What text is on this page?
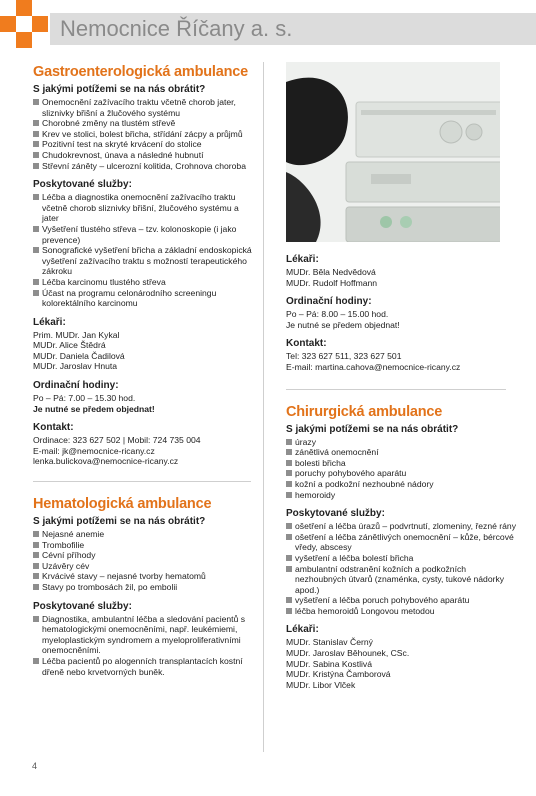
Nemocnice Říčany a. s.
Gastroenterologická ambulance
S jakými potížemi se na nás obrátit?
Onemocnění zažívacího traktu včetně chorob jater, sliznivky břišní a žlučového systému
Chorobné změny na tlustém střevě
Krev ve stolici, bolest břicha, střídání zácpy a průjmů
Pozitivní test na skryté krvácení do stolice
Chudokrevnost, únava a následné hubnutí
Střevní záněty – ulcerozní kolitida, Crohnova choroba
Poskytované služby:
Léčba a diagnostika onemocnění zažívacího traktu včetně chorob sliznivky břišní, žlučového systému a jater
Vyšetření tlustého střeva – tzv. kolonoskopie (i jako prevence)
Sonografické vyšetření břicha a základní endoskopická vyšetření zažívacího traktu s možností terapeutického zákroku
Léčba karcinomu tlustého střeva
Účast na programu celonárodního screeningu kolorektálního karcinomu
Lékaři:
Prim. MUDr. Jan Kykal
MUDr. Alice Štědrá
MUDr. Daniela Čadilová
MUDr. Jaroslav Hnuta
Ordinační hodiny:
Po – Pá: 7.00 – 15.30 hod.
Je nutné se předem objednat!
Kontakt:
Ordinace: 323 627 502 | Mobil: 724 735 004
E-mail: jk@nemocnice-ricany.cz
lenka.bulickova@nemocnice-ricany.cz
Hematologická ambulance
S jakými potížemi se na nás obrátit?
Nejasné anemie
Trombofilie
Cévní příhody
Uzávěry cév
Krvácivé stavy – nejasné tvorby hematomů
Stavy po trombosách žil, po embolii
Poskytované služby:
Diagnostika, ambulantní léčba a sledování pacientů s hematologickými onemocněními, např. leukémiemi, myeloplastickým syndromem a myeloproliferativními onemocněními.
Léčba pacientů po alogenních transplantacích kostní dřeně nebo krvetvorných buněk.
Lékaři:
MUDr. Běla Nedvědová
MUDr. Rudolf Hoffmann
Ordinační hodiny:
Po – Pá: 8.00 – 15.00 hod.
Je nutné se předem objednat!
Kontakt:
Tel: 323 627 511, 323 627 501
E-mail: martina.cahova@nemocnice-ricany.cz
Chirurgická ambulance
S jakými potížemi se na nás obrátit?
úrazy
zánětlivá onemocnění
bolesti břicha
poruchy pohybového aparátu
kožní a podkožní nezhoubné nádory
hemoroidy
Poskytované služby:
ošetření a léčba úrazů – podvrtnutí, zlomeniny, řezné rány
ošetření a léčba zánětlivých onemocnění – kůže, bércové vředy, abscesy
vyšetření a léčba bolestí břicha
ambulantní odstranění kožních a podkožních nezhoubných útvarů (znaménka, cysty, tukové nádorky apod.)
vyšetření a léčba poruch pohybového aparátu
léčba hemoroidů Longovou metodou
Lékaři:
MUDr. Stanislav Černý
MUDr. Jaroslav Běhounek, CSc.
MUDr. Sabina Kostlivá
MUDr. Kristýna Čamborová
MUDr. Libor Vlček
4
